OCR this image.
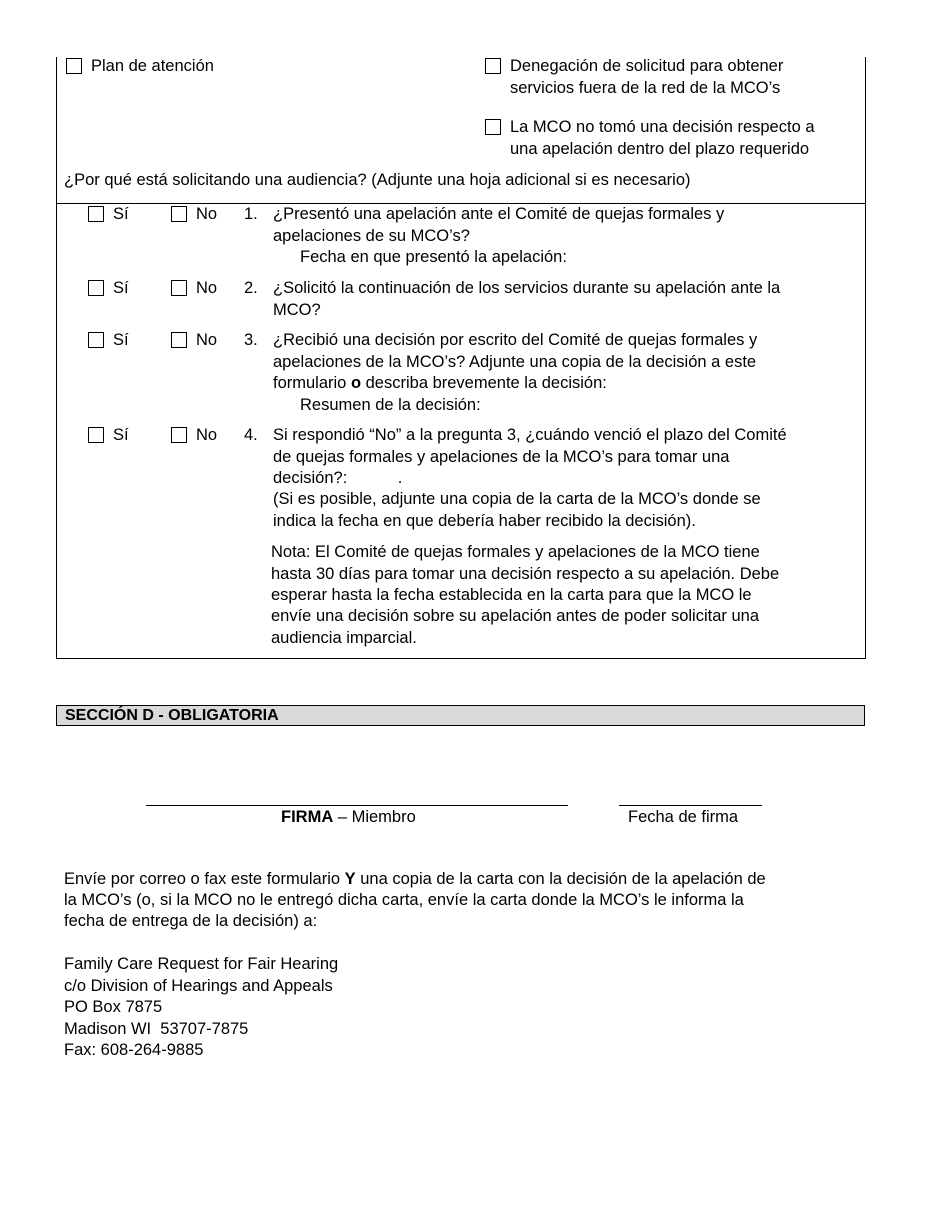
Plan de atención	Denegación de solicitud para obtener
servicios fuera de la red de la MCO’s
La MCO no tomó una decisión respecto a
una apelación dentro del plazo requerido
¿Por qué está solicitando una audiencia? (Adjunte una hoja adicional si es necesario)
Sí	No 1. ¿Presentó una apelación ante el Comité de quejas formales y
apelaciones de su MCO’s?
Fecha en que presentó la apelación:
Sí	No 2. ¿Solicitó la continuación de los servicios durante su apelación ante la
MCO?
Sí	No 3. ¿Recibió una decisión por escrito del Comité de quejas formales y
apelaciones de la MCO’s? Adjunte una copia de la decisión a este
formulario o describa brevemente la decisión:
Resumen de la decisión:
Sí	No 4. Si respondió “No” a la pregunta 3, ¿cuándo venció el plazo del Comité
de quejas formales y apelaciones de la MCO’s para tomar una
decisión?:           .
(Si es posible, adjunte una copia de la carta de la MCO’s donde se
indica la fecha en que debería haber recibido la decisión).
Nota: El Comité de quejas formales y apelaciones de la MCO tiene
hasta 30 días para tomar una decisión respecto a su apelación. Debe
esperar hasta la fecha establecida en la carta para que la MCO le
envíe una decisión sobre su apelación antes de poder solicitar una
audiencia imparcial.
SECCIÓN D - OBLIGATORIA
FIRMA – Miembro	Fecha de firma
Envíe por correo o fax este formulario Y una copia de la carta con la decisión de la apelación de
la MCO’s (o, si la MCO no le entregó dicha carta, envíe la carta donde la MCO’s le informa la
fecha de entrega de la decisión) a:
Family Care Request for Fair Hearing
c/o Division of Hearings and Appeals
PO Box 7875
Madison WI  53707-7875
Fax: 608-264-9885
